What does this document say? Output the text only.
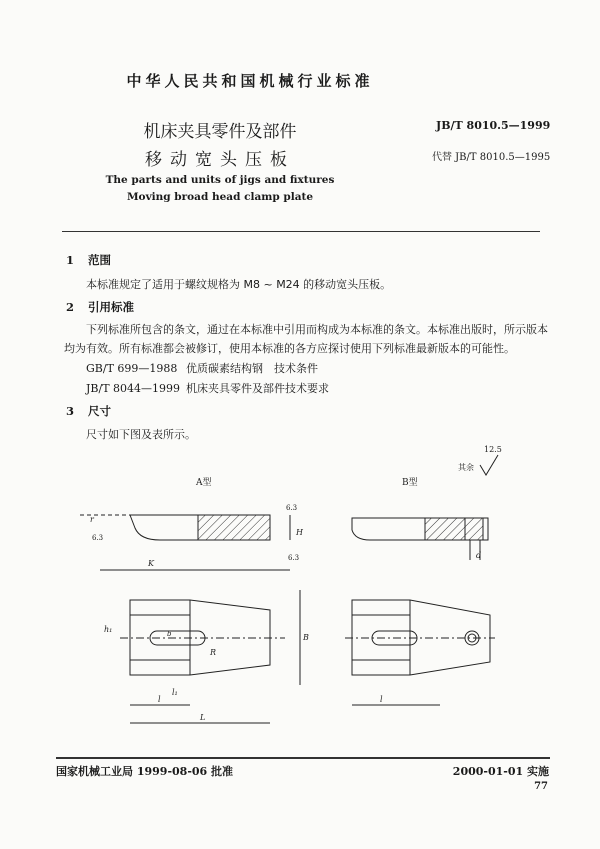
中华人民共和国机械行业标准
机床夹具零件及部件
移动宽头压板
JB/T 8010.5—1999
代替 JB/T 8010.5—1995
The parts and units of jigs and fixtures
Moving broad head clamp plate
1 范围
本标准规定了适用于螺纹规格为 M8 ~ M24 的移动宽头压板。
2 引用标准
下列标准所包含的条文，通过在本标准中引用而构成为本标准的条文。本标准出版时，所示版本
均为有效。所有标准都会被修订，使用本标准的各方应探讨使用下列标准最新版本的可能性。
GB/T 699—1988 优质碳素结构钢　技术条件
JB/T 8044—1999 机床夹具零件及部件技术要求
3 尺寸
尺寸如下图及表所示。
A型	B型
12.5
其余
6.3
6.3
6.3
r
H
K
d
h₁	b
R
B
l₁
l
L
l
国家机械工业局 1999-08-06 批准	2000-01-01 实施
77
